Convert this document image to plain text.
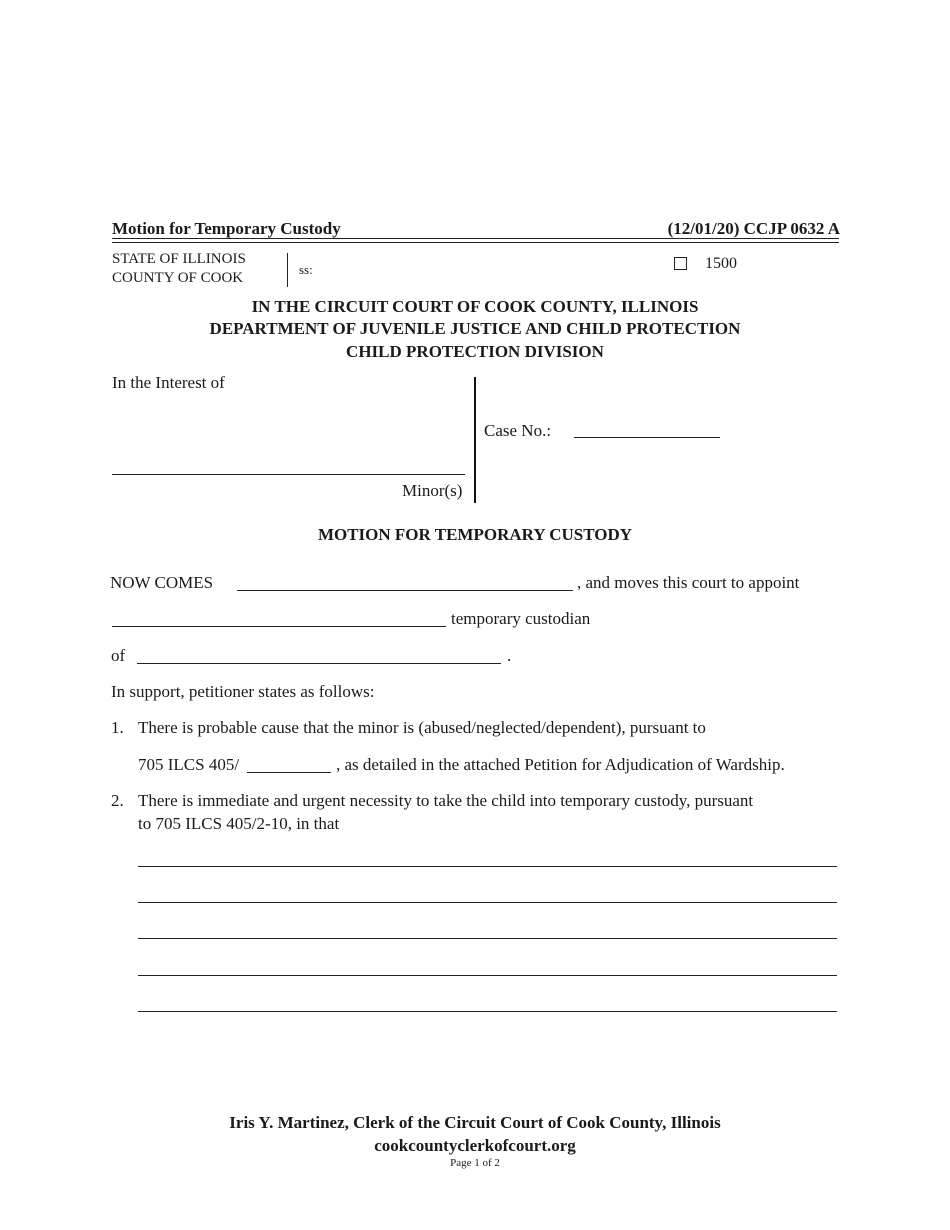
Motion for Temporary Custody	(12/01/20) CCJP 0632 A
STATE OF ILLINOIS
COUNTY OF COOK
ss:	1500
IN THE CIRCUIT COURT OF COOK COUNTY, ILLINOIS
DEPARTMENT OF JUVENILE JUSTICE AND CHILD PROTECTION
CHILD PROTECTION DIVISION
In the Interest of
Minor(s)
Case No.:
MOTION FOR TEMPORARY CUSTODY
NOW COMES	, and moves this court to appoint
temporary custodian
of	.
In support, petitioner states as follows:
1. There is probable cause that the minor is (abused/neglected/dependent), pursuant to
705 ILCS 405/	, as detailed in the attached Petition for Adjudication of Wardship.
2. There is immediate and urgent necessity to take the child into temporary custody, pursuant
to 705 ILCS 405/2-10, in that
Iris Y. Martinez, Clerk of the Circuit Court of Cook County, Illinois
cookcountyclerkofcourt.org
Page 1 of 2
